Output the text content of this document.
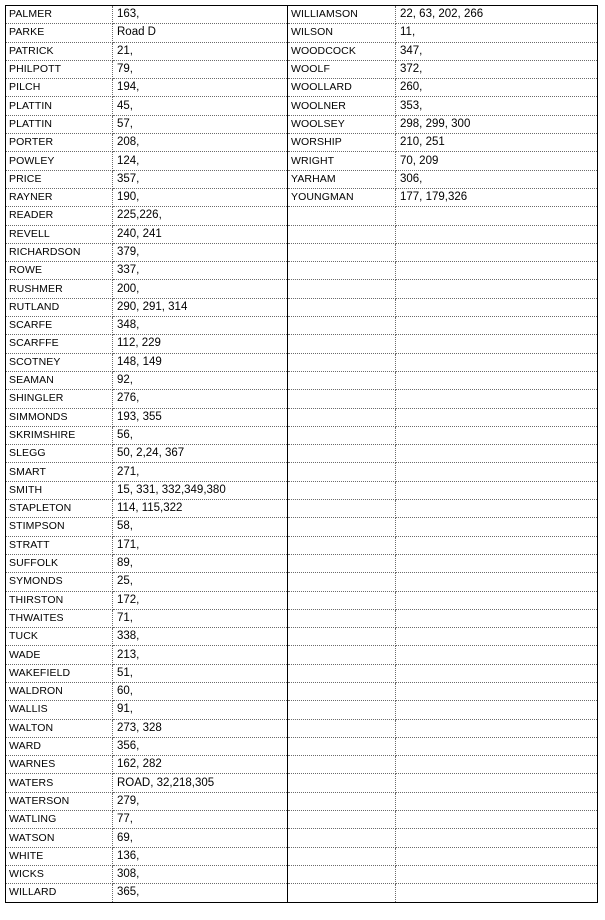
PALMER	163,	WILLIAMSON	22, 63, 202, 266
PARKE	Road D	WILSON	11,
PATRICK	21,	WOODCOCK	347,
PHILPOTT	79,	WOOLF	372,
PILCH	194,	WOOLLARD	260,
PLATTIN	45,	WOOLNER	353,
PLATTIN	57,	WOOLSEY	298, 299, 300
PORTER	208,	WORSHIP	210, 251
POWLEY	124,	WRIGHT	70, 209
PRICE	357,	YARHAM	306,
RAYNER	190,	YOUNGMAN	177, 179,326
READER	225,226,		
REVELL	240, 241		
RICHARDSON	379,		
ROWE	337,		
RUSHMER	200,		
RUTLAND	290, 291, 314		
SCARFE	348,		
SCARFFE	112, 229		
SCOTNEY	148, 149		
SEAMAN	92,		
SHINGLER	276,		
SIMMONDS	193, 355		
SKRIMSHIRE	56,		
SLEGG	50, 2,24, 367		
SMART	271,		
SMITH	15, 331, 332,349,380		
STAPLETON	114, 115,322		
STIMPSON	58,		
STRATT	171,		
SUFFOLK	89,		
SYMONDS	25,		
THIRSTON	172,		
THWAITES	71,		
TUCK	338,		
WADE	213,		
WAKEFIELD	51,		
WALDRON	60,		
WALLIS	91,		
WALTON	273, 328		
WARD	356,		
WARNES	162, 282		
WATERS	ROAD, 32,218,305		
WATERSON	279,		
WATLING	77,		
WATSON	69,		
WHITE	136,		
WICKS	308,		
WILLARD	365,		
